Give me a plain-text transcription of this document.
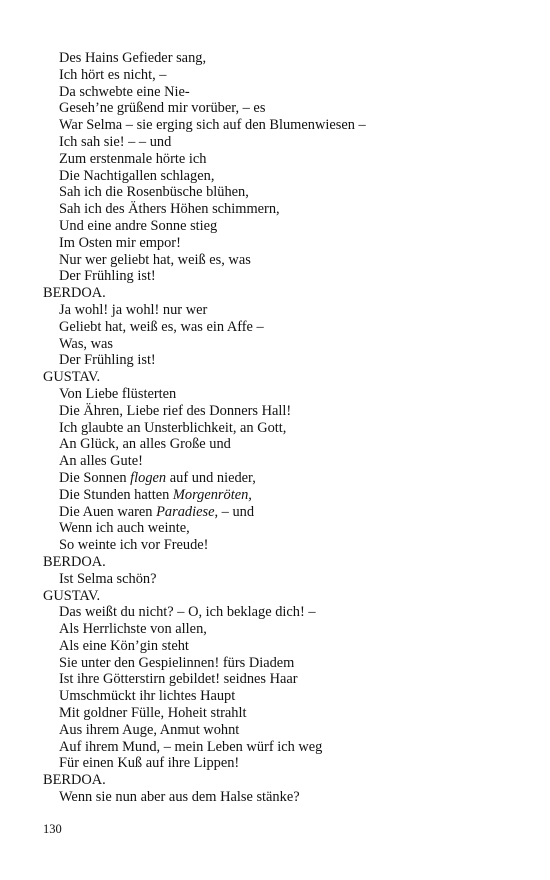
Des Hains Gefieder sang,
Ich hört es nicht, –
Da schwebte eine Nie-
Geseh’ne grüßend mir vorüber, – es
War Selma – sie erging sich auf den Blumenwiesen –
Ich sah sie! – – und
Zum erstenmale hörte ich
Die Nachtigallen schlagen,
Sah ich die Rosenbüsche blühen,
Sah ich des Äthers Höhen schimmern,
Und eine andre Sonne stieg
Im Osten mir empor!
Nur wer geliebt hat, weiß es, was
Der Frühling ist!
BERDOA.
Ja wohl! ja wohl! nur wer
Geliebt hat, weiß es, was ein Affe –
Was, was
Der Frühling ist!
GUSTAV.
Von Liebe flüsterten
Die Ähren, Liebe rief des Donners Hall!
Ich glaubte an Unsterblichkeit, an Gott,
An Glück, an alles Große und
An alles Gute!
Die Sonnen flogen auf und nieder,
Die Stunden hatten Morgenröten,
Die Auen waren Paradiese, – und
Wenn ich auch weinte,
So weinte ich vor Freude!
BERDOA.
Ist Selma schön?
GUSTAV.
Das weißt du nicht? – O, ich beklage dich! –
Als Herrlichste von allen,
Als eine Kön’gin steht
Sie unter den Gespielinnen! fürs Diadem
Ist ihre Götterstirn gebildet! seidnes Haar
Umschmückt ihr lichtes Haupt
Mit goldner Fülle, Hoheit strahlt
Aus ihrem Auge, Anmut wohnt
Auf ihrem Mund, – mein Leben würf ich weg
Für einen Kuß auf ihre Lippen!
BERDOA.
Wenn sie nun aber aus dem Halse stänke?
130
